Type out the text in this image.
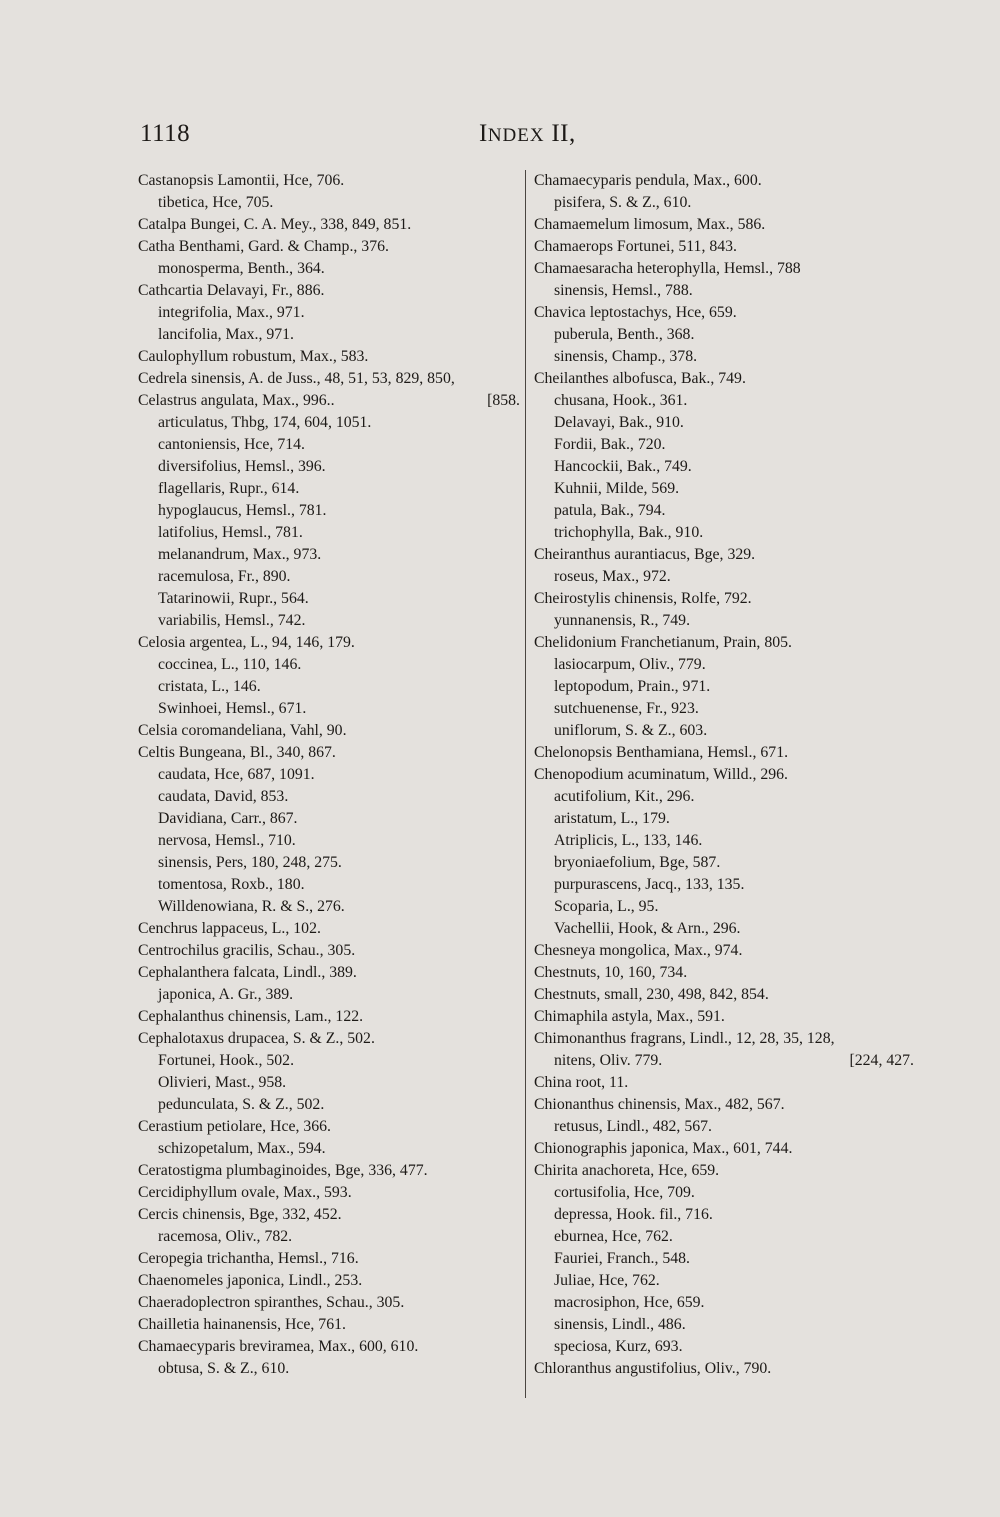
1118	INDEX II,
Castanopsis Lamontii, Hce, 706.
tibetica, Hce, 705.
Catalpa Bungei, C. A. Mey., 338, 849, 851.
Catha Benthami, Gard. & Champ., 376.
monosperma, Benth., 364.
Cathcartia Delavayi, Fr., 886.
integrifolia, Max., 971.
lancifolia, Max., 971.
Caulophyllum robustum, Max., 583.
Cedrela sinensis, A. de Juss., 48, 51, 53, 829, 850,
Celastrus angulata, Max., 996..	[858.
articulatus, Thbg, 174, 604, 1051.
cantoniensis, Hce, 714.
diversifolius, Hemsl., 396.
flagellaris, Rupr., 614.
hypoglaucus, Hemsl., 781.
latifolius, Hemsl., 781.
melanandrum, Max., 973.
racemulosa, Fr., 890.
Tatarinowii, Rupr., 564.
variabilis, Hemsl., 742.
Celosia argentea, L., 94, 146, 179.
coccinea, L., 110, 146.
cristata, L., 146.
Swinhoei, Hemsl., 671.
Celsia coromandeliana, Vahl, 90.
Celtis Bungeana, Bl., 340, 867.
caudata, Hce, 687, 1091.
caudata, David, 853.
Davidiana, Carr., 867.
nervosa, Hemsl., 710.
sinensis, Pers, 180, 248, 275.
tomentosa, Roxb., 180.
Willdenowiana, R. & S., 276.
Cenchrus lappaceus, L., 102.
Centrochilus gracilis, Schau., 305.
Cephalanthera falcata, Lindl., 389.
japonica, A. Gr., 389.
Cephalanthus chinensis, Lam., 122.
Cephalotaxus drupacea, S. & Z., 502.
Fortunei, Hook., 502.
Olivieri, Mast., 958.
pedunculata, S. & Z., 502.
Cerastium petiolare, Hce, 366.
schizopetalum, Max., 594.
Ceratostigma plumbaginoides, Bge, 336, 477.
Cercidiphyllum ovale, Max., 593.
Cercis chinensis, Bge, 332, 452.
racemosa, Oliv., 782.
Ceropegia trichantha, Hemsl., 716.
Chaenomeles japonica, Lindl., 253.
Chaeradoplectron spiranthes, Schau., 305.
Chailletia hainanensis, Hce, 761.
Chamaecyparis breviramea, Max., 600, 610.
obtusa, S. & Z., 610.
Chamaecyparis pendula, Max., 600.
pisifera, S. & Z., 610.
Chamaemelum limosum, Max., 586.
Chamaerops Fortunei, 511, 843.
Chamaesaracha heterophylla, Hemsl., 788
sinensis, Hemsl., 788.
Chavica leptostachys, Hce, 659.
puberula, Benth., 368.
sinensis, Champ., 378.
Cheilanthes albofusca, Bak., 749.
chusana, Hook., 361.
Delavayi, Bak., 910.
Fordii, Bak., 720.
Hancockii, Bak., 749.
Kuhnii, Milde, 569.
patula, Bak., 794.
trichophylla, Bak., 910.
Cheiranthus aurantiacus, Bge, 329.
roseus, Max., 972.
Cheirostylis chinensis, Rolfe, 792.
yunnanensis, R., 749.
Chelidonium Franchetianum, Prain, 805.
lasiocarpum, Oliv., 779.
leptopodum, Prain., 971.
sutchuenense, Fr., 923.
uniflorum, S. & Z., 603.
Chelonopsis Benthamiana, Hemsl., 671.
Chenopodium acuminatum, Willd., 296.
acutifolium, Kit., 296.
aristatum, L., 179.
Atriplicis, L., 133, 146.
bryoniaefolium, Bge, 587.
purpurascens, Jacq., 133, 135.
Scoparia, L., 95.
Vachellii, Hook, & Arn., 296.
Chesneya mongolica, Max., 974.
Chestnuts, 10, 160, 734.
Chestnuts, small, 230, 498, 842, 854.
Chimaphila astyla, Max., 591.
Chimonanthus fragrans, Lindl., 12, 28, 35, 128,
nitens, Oliv. 779.	[224, 427.
China root, 11.
Chionanthus chinensis, Max., 482, 567.
retusus, Lindl., 482, 567.
Chionographis japonica, Max., 601, 744.
Chirita anachoreta, Hce, 659.
cortusifolia, Hce, 709.
depressa, Hook. fil., 716.
eburnea, Hce, 762.
Fauriei, Franch., 548.
Juliae, Hce, 762.
macrosiphon, Hce, 659.
sinensis, Lindl., 486.
speciosa, Kurz, 693.
Chloranthus angustifolius, Oliv., 790.
